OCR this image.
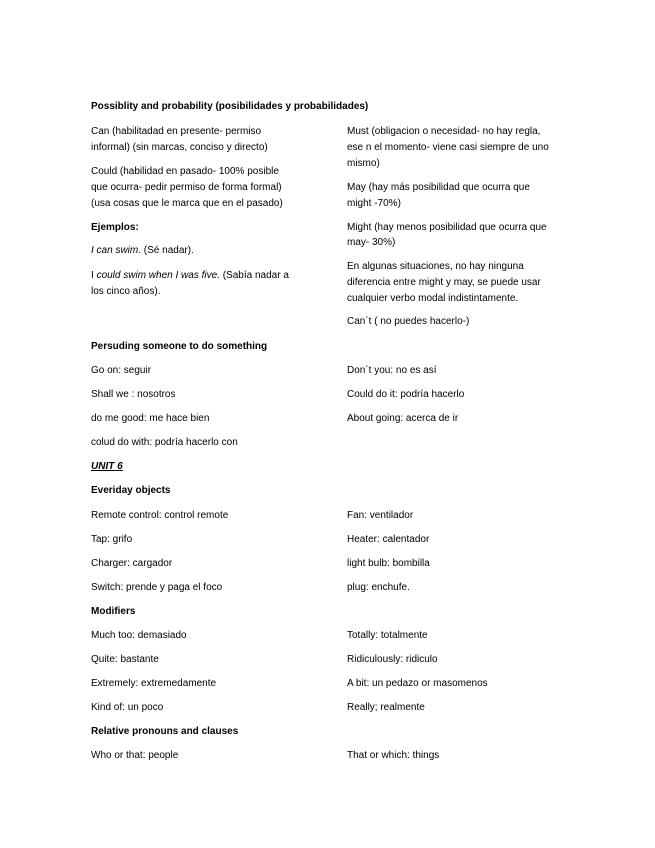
Possiblity and probability (posibilidades y probabilidades)
Can (habilitadad en presente- permiso
informal) (sin marcas, conciso y directo)
Could (habilidad en pasado- 100% posible
que ocurra- pedir permiso de forma formal)
(usa cosas que le marca que en el pasado)
Ejemplos:
I can swim. (Sé nadar).
I could swim when I was five. (Sabía nadar a
los cinco años).
Must (obligacion o necesidad- no hay regla,
ese n el momento- viene casi siempre de uno
mismo)
May (hay más posibilidad que ocurra que
might -70%)
Might (hay menos posibilidad que ocurra que
may- 30%)
En algunas situaciones, no hay ninguna
diferencia entre might y may, se puede usar
cualquier verbo modal indistintamente.
Can´t ( no puedes hacerlo-)
Persuding someone to do something
Go on: seguir
Shall we : nosotros
do me good: me hace bien
colud do with: podría hacerlo con
Don´t you: no es así
Could do it: podría hacerlo
About going: acerca de ir
UNIT 6
Everiday objects
Remote control: control remote
Tap: grifo
Charger: cargador
Switch: prende y paga el foco
Fan: ventilador
Heater: calentador
light bulb: bombilla
plug: enchufe.
Modifiers
Much too: demasiado
Quite: bastante
Extremely: extremedamente
Kind of: un poco
Totally: totalmente
Ridiculously: ridiculo
A bit: un pedazo or masomenos
Really; realmente
Relative pronouns and clauses
Who or that: people	That or which: things
